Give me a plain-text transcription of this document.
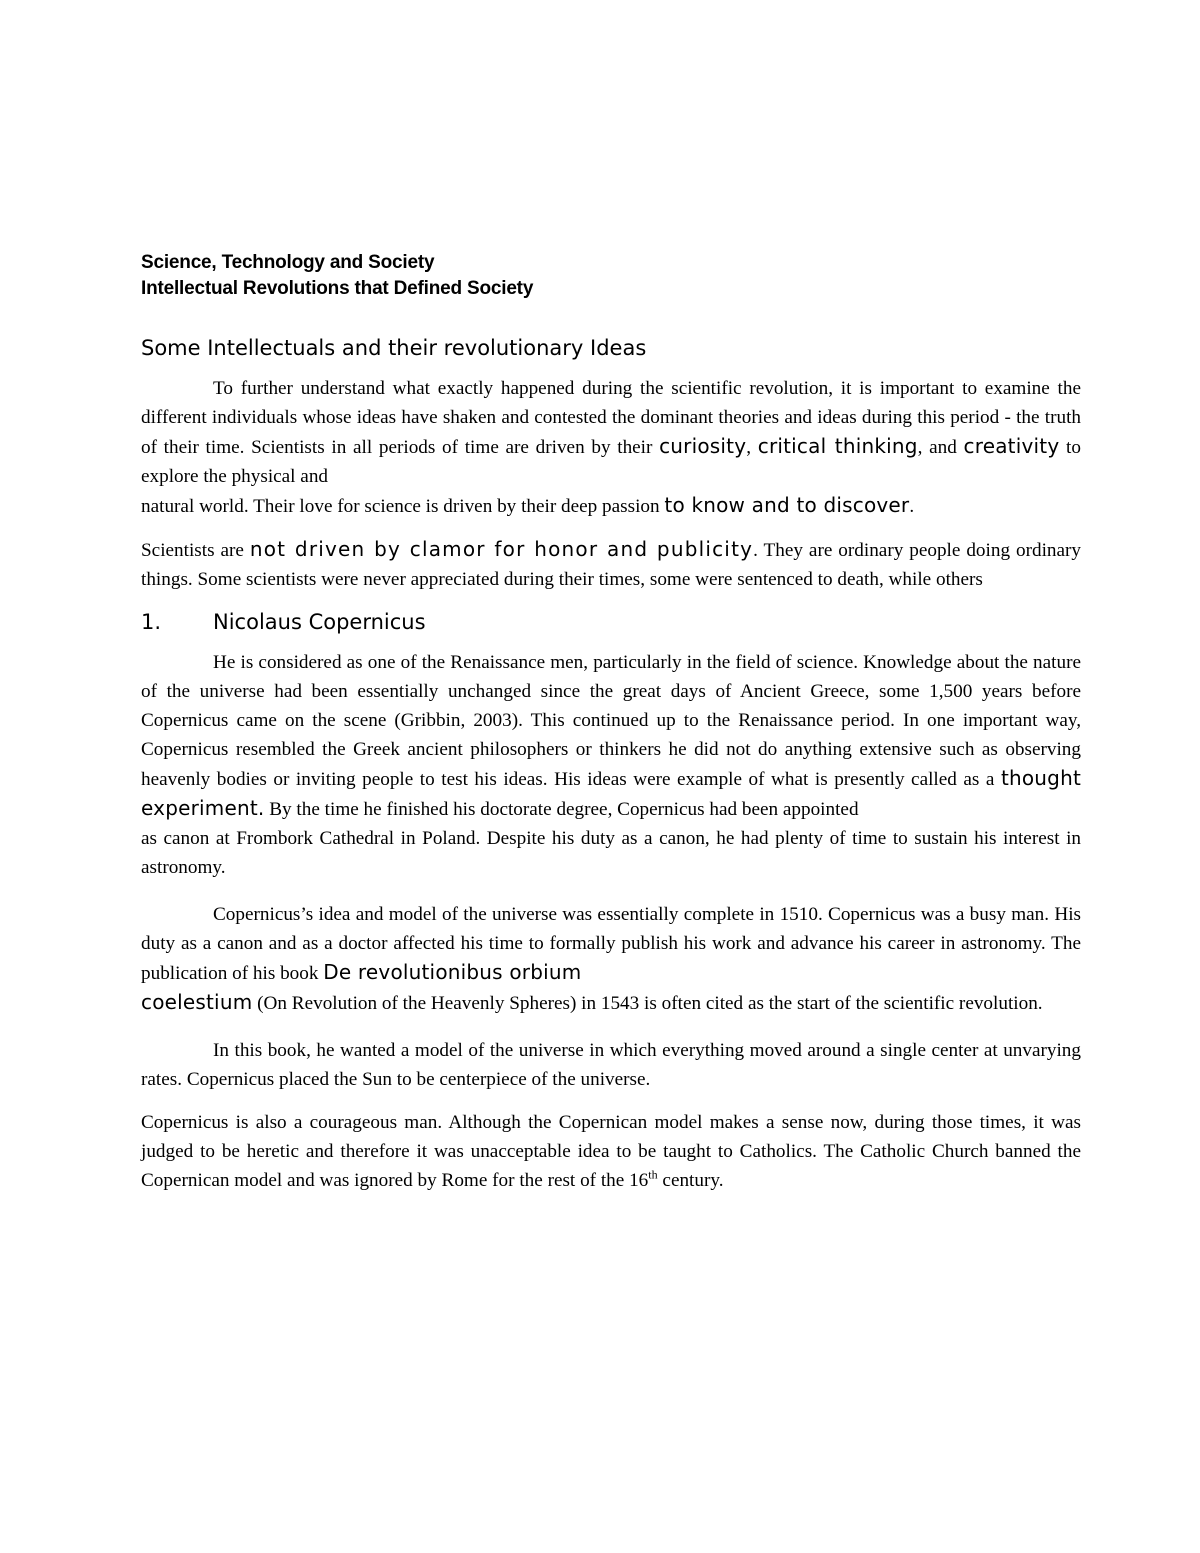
Science, Technology and Society

Intellectual Revolutions that Defined Society

Some Intellectuals and their revolutionary Ideas

To further understand what exactly happened during the scientific revolution, it is important to examine the different individuals whose ideas have shaken and contested the dominant theories and ideas during this period - the truth of their time. Scientists in all periods of time are driven by their curiosity, critical thinking, and creativity to explore the physical and

natural world. Their love for science is driven by their deep passion to know and to discover.

Scientists are not driven by clamor for honor and publicity. They are ordinary people doing ordinary things. Some scientists were never appreciated during their times, some were sentenced to death, while others

1.	Nicolaus Copernicus

He is considered as one of the Renaissance men, particularly in the field of science. Knowledge about the nature of the universe had been essentially unchanged since the great days of Ancient Greece, some 1,500 years before Copernicus came on the scene (Gribbin, 2003). This continued up to the Renaissance period. In one important way, Copernicus resembled the Greek ancient philosophers or thinkers he did not do anything extensive such as observing heavenly bodies or inviting people to test his ideas. His ideas were example of what is presently called as a thought experiment. By the time he finished his doctorate degree, Copernicus had been appointed

as canon at Frombork Cathedral in Poland. Despite his duty as a canon, he had plenty of time to sustain his interest in astronomy.

Copernicus’s idea and model of the universe was essentially complete in 1510. Copernicus was a busy man. His duty as a canon and as a doctor affected his time to formally publish his work and advance his career in astronomy. The publication of his book De revolutionibus orbium

coelestium (On Revolution of the Heavenly Spheres) in 1543 is often cited as the start of the scientific revolution.

In this book, he wanted a model of the universe in which everything moved around a single center at unvarying rates. Copernicus placed the Sun to be centerpiece of the universe.

Copernicus is also a courageous man. Although the Copernican model makes a sense now, during those times, it was judged to be heretic and therefore it was unacceptable idea to be taught to Catholics. The Catholic Church banned the Copernican model and was ignored by Rome for the rest of the 16th century.
